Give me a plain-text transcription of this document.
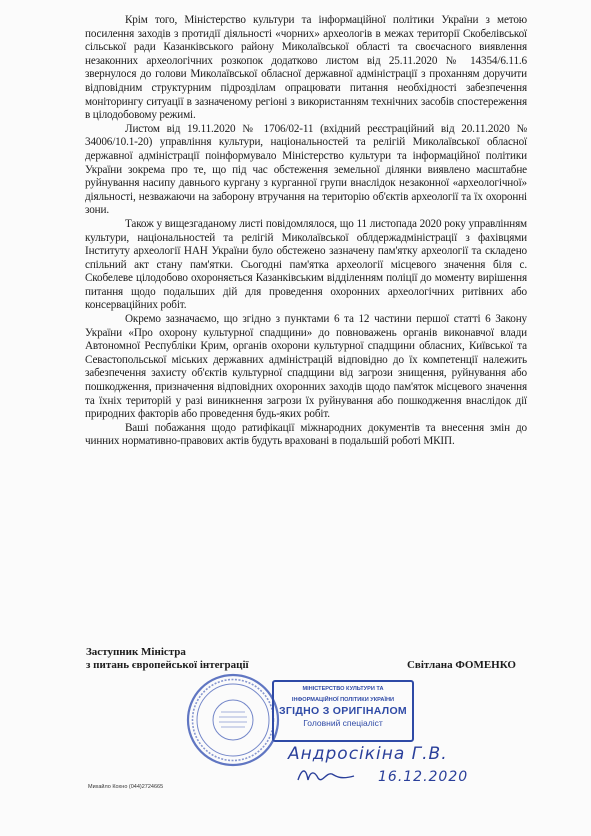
Крім того, Міністерство культури та інформаційної політики України з метою посилення заходів з протидії діяльності «чорних» археологів в межах території Скобелівської сільської ради Казанківського району Миколаївської області та своєчасного виявлення незаконних археологічних розкопок додатково листом від 25.11.2020 № 14354/6.11.6 звернулося до голови Миколаївської обласної державної адміністрації з проханням доручити відповідним структурним підрозділам опрацювати питання необхідності забезпечення моніторингу ситуації в зазначеному регіоні з використанням технічних засобів спостереження в цілодобовому режимі.

Листом від 19.11.2020 № 1706/02-11 (вхідний реєстраційний від 20.11.2020 № 34006/10.1-20) управління культури, національностей та релігій Миколаївської обласної державної адміністрації поінформувало Міністерство культури та інформаційної політики України зокрема про те, що під час обстеження земельної ділянки виявлено масштабне руйнування насипу давнього кургану з курганної групи внаслідок незаконної «археологічної» діяльності, незважаючи на заборону втручання на територію об'єктів археології та їх охоронні зони.

Також у вищезгаданому листі повідомлялося, що 11 листопада 2020 року управлінням культури, національностей та релігій Миколаївської облдержадміністрації з фахівцями Інституту археології НАН України було обстежено зазначену пам'ятку археології та складено спільний акт стану пам'ятки. Сьогодні пам'ятка археології місцевого значення біля с. Скобелеве цілодобово охороняється Казанківським відділенням поліції до моменту вирішення питання щодо подальших дій для проведення охоронних археологічних ритівних або консерваційних робіт.

Окремо зазначаємо, що згідно з пунктами 6 та 12 частини першої статті 6 Закону України «Про охорону культурної спадщини» до повноважень органів виконавчої влади Автономної Республіки Крим, органів охорони культурної спадщини обласних, Київської та Севастопольської міських державних адміністрацій відповідно до їх компетенції належить забезпечення захисту об'єктів культурної спадщини від загрози знищення, руйнування або пошкодження, призначення відповідних охоронних заходів щодо пам'яток місцевого значення та їхніх територій у разі виникнення загрози їх руйнування або пошкодження внаслідок дії природних факторів або проведення будь-яких робіт.

Ваші побажання щодо ратифікації міжнародних документів та внесення змін до чинних нормативно-правових актів будуть враховані в подальшій роботі МКІП.

Заступник Міністра
з питань європейської інтеграції	Світлана ФОМЕНКО
МІНІСТЕРСТВО КУЛЬТУРИ ТА
ІНФОРМАЦІЙНОЇ ПОЛІТИКИ УКРАЇНИ
ЗГІДНО З ОРИГІНАЛОМ
Головний спеціаліст
Андросікіна Г.В.
16.12.2020
Михайло Кохно (044)2724665
